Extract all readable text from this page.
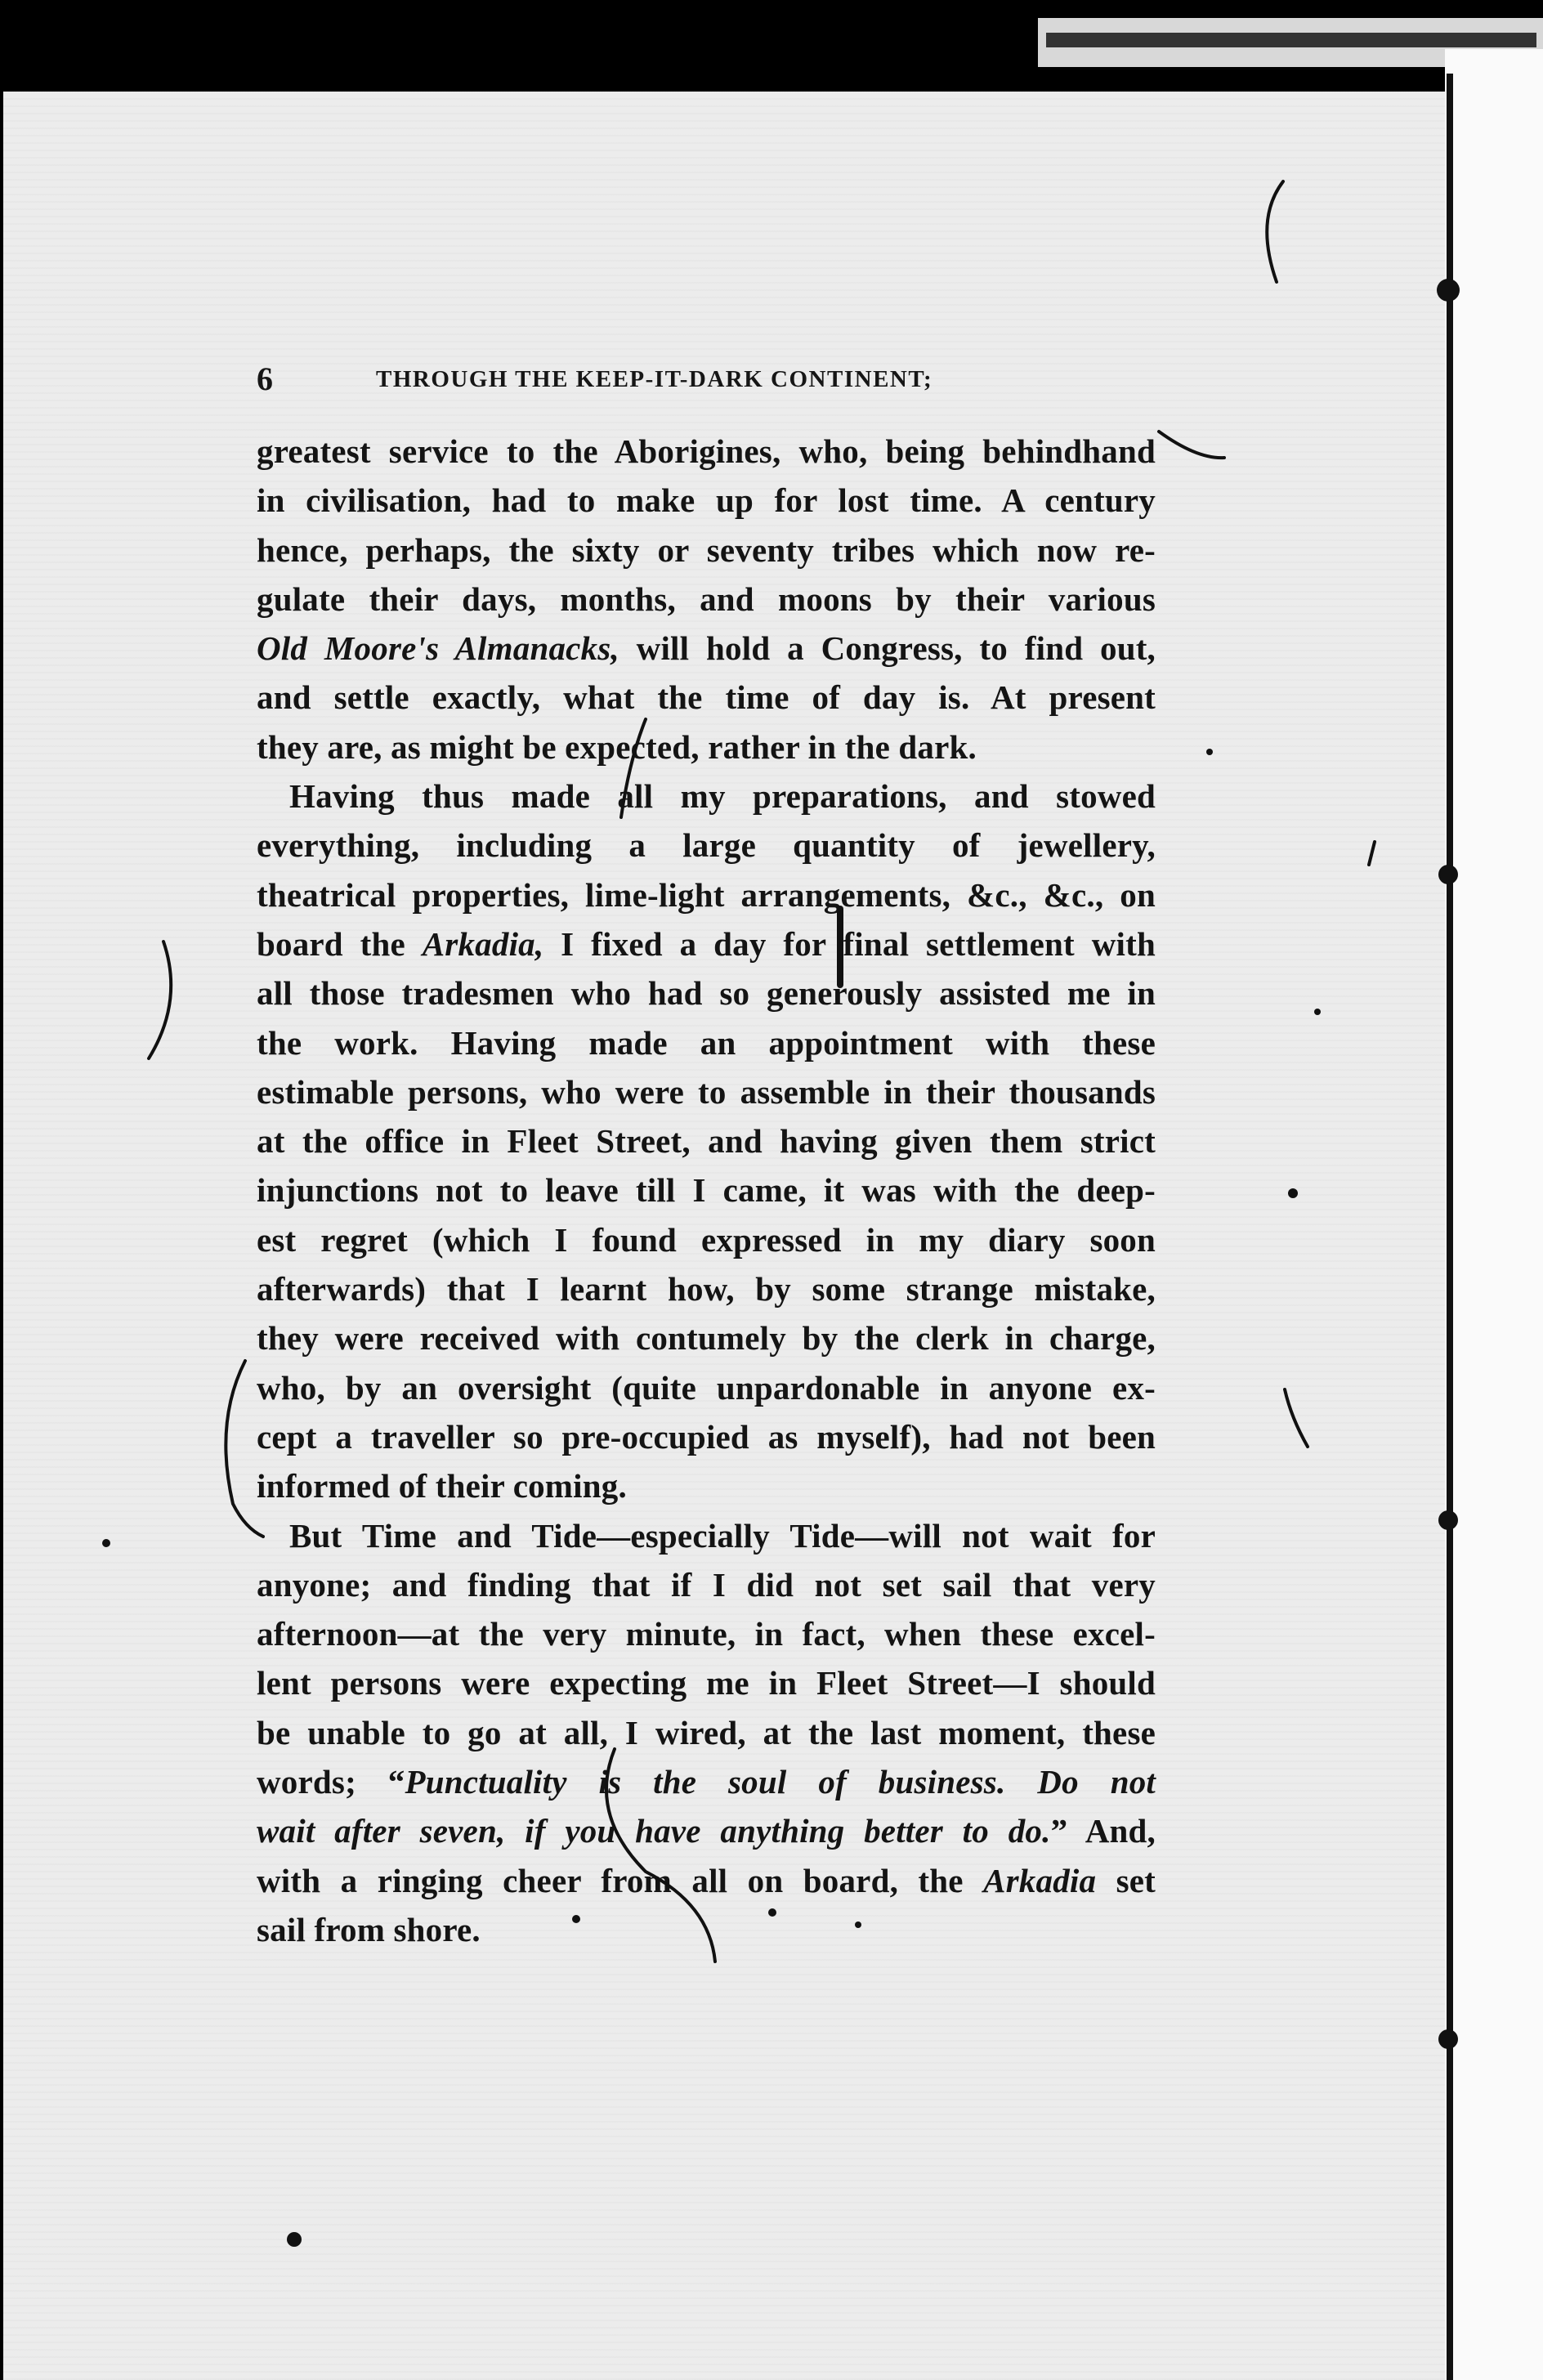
6	THROUGH THE KEEP-IT-DARK CONTINENT;
greatest service to the Aborigines, who, being behindhand
in civilisation, had to make up for lost time. A century
hence, perhaps, the sixty or seventy tribes which now re-
gulate their days, months, and moons by their various
Old Moore's Almanacks, will hold a Congress, to find out,
and settle exactly, what the time of day is. At present
they are, as might be expected, rather in the dark.
Having thus made all my preparations, and stowed
everything, including a large quantity of jewellery,
theatrical properties, lime-light arrangements, &c., &c., on
board the Arkadia, I fixed a day for final settlement with
all those tradesmen who had so generously assisted me in
the work. Having made an appointment with these
estimable persons, who were to assemble in their thousands
at the office in Fleet Street, and having given them strict
injunctions not to leave till I came, it was with the deep-
est regret (which I found expressed in my diary soon
afterwards) that I learnt how, by some strange mistake,
they were received with contumely by the clerk in charge,
who, by an oversight (quite unpardonable in anyone ex-
cept a traveller so pre-occupied as myself), had not been
informed of their coming.
But Time and Tide—especially Tide—will not wait for
anyone; and finding that if I did not set sail that very
afternoon—at the very minute, in fact, when these excel-
lent persons were expecting me in Fleet Street—I should
be unable to go at all, I wired, at the last moment, these
words; “Punctuality is the soul of business. Do not
wait after seven, if you have anything better to do.” And,
with a ringing cheer from all on board, the Arkadia set
sail from shore.
